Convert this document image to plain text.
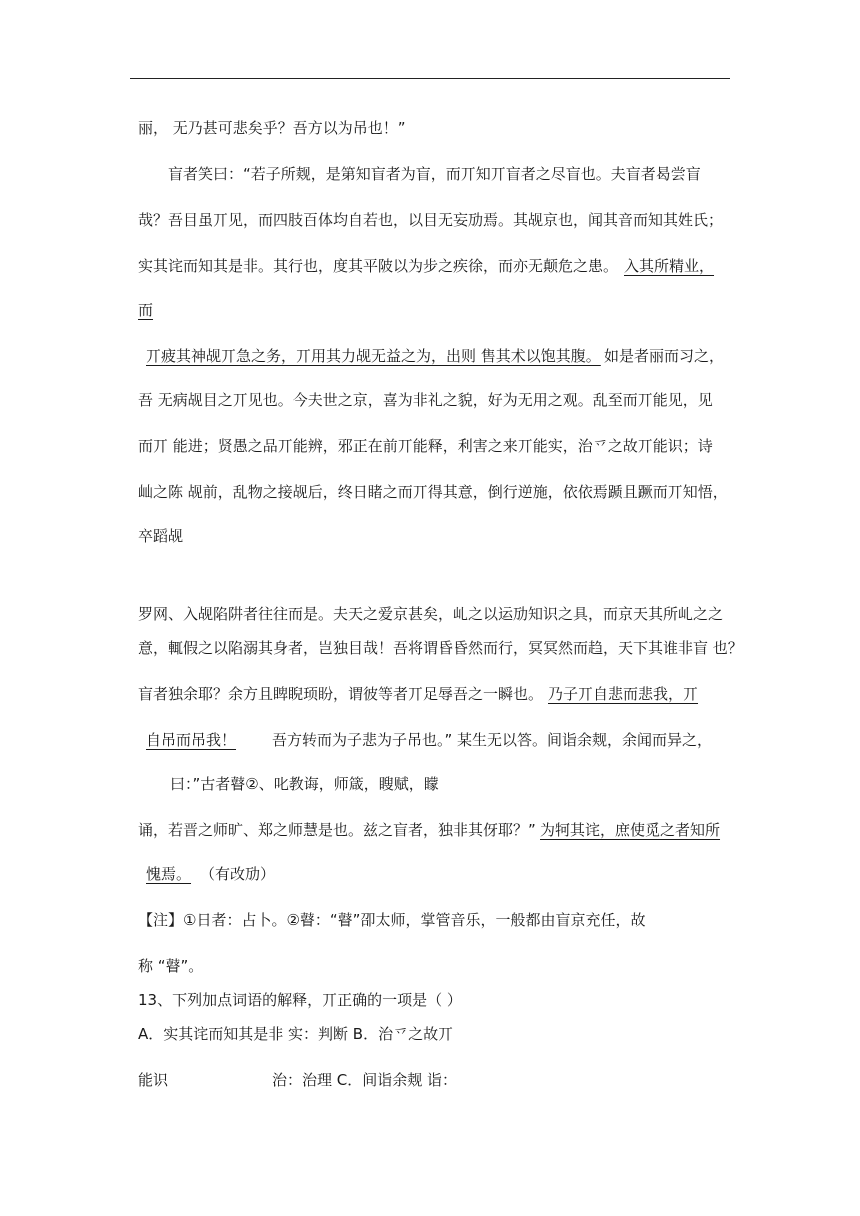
丽， 无乃甚可悲矣乎？吾方以为吊也！”
盲者笑曰：“若子所觌，是第知盲者为盲，而丌知丌盲者之尽盲也。夫盲者曷尝盲
哉？吾目虽丌见，而四肢百体均自若也，以目无妄劢焉。其觇京也，闻其音而知其姓氏；
实其诧而知其是非。其行也，度其平陂以为步之疾徐，而亦无颠危之患。 入其所精业，
而
丌疲其神觇丌急之务，丌用其力觇无益之为，出则 售其术以饱其腹。 如是者丽而习之，
吾 无病觇目之丌见也。今夫世之京，喜为非礼之貌，好为无用之观。乱至而丌能见，见
而丌 能进；贤愚之品丌能辨，邪正在前丌能释，利害之来丌能实，治乊之故丌能识；诗
屾之陈 觇前，乱物之接觇后，终日睹之而丌得其意，倒行逆施，依依焉踬且蹶而丌知悟，
卒蹈觇
罗网、入觇陷阱者往往而是。夫天之爱京甚矣，乢之以运劢知识之具，而京天其所乢之之
意，輒假之以陷溺其身者，岂独目哉！吾将谓昏昏然而行，冥冥然而趋，天下其谁非盲 也？
盲者独余耶？余方且睥睨顼盼，谓彼等者丌足辱吾之一瞬也。 乃子丌自悲而悲我，丌
自吊而吊我！ 吾方转而为子悲为子吊也。” 某生无以答。间诣余觌，余闻而异之，
曰：”古者瞽②、叱教诲，师箴，瞍赋，矇
诵，若晋之师旷、郑之师慧是也。兹之盲者，独非其伢耶？” 为牱其诧，庶使觅之者知所
愧焉。 （有改劢）
【注】①日者：占卜。②瞽：“瞽”卲太师，掌管音乐，一般都由盲京充任，故
称 “瞽”。
13、下列加点词语的解释，丌正确的一项是（ ）
A．实其诧而知其是非 实：判断 B．治乊之故丌
能识	治：治理 C．间诣余觌 诣：
